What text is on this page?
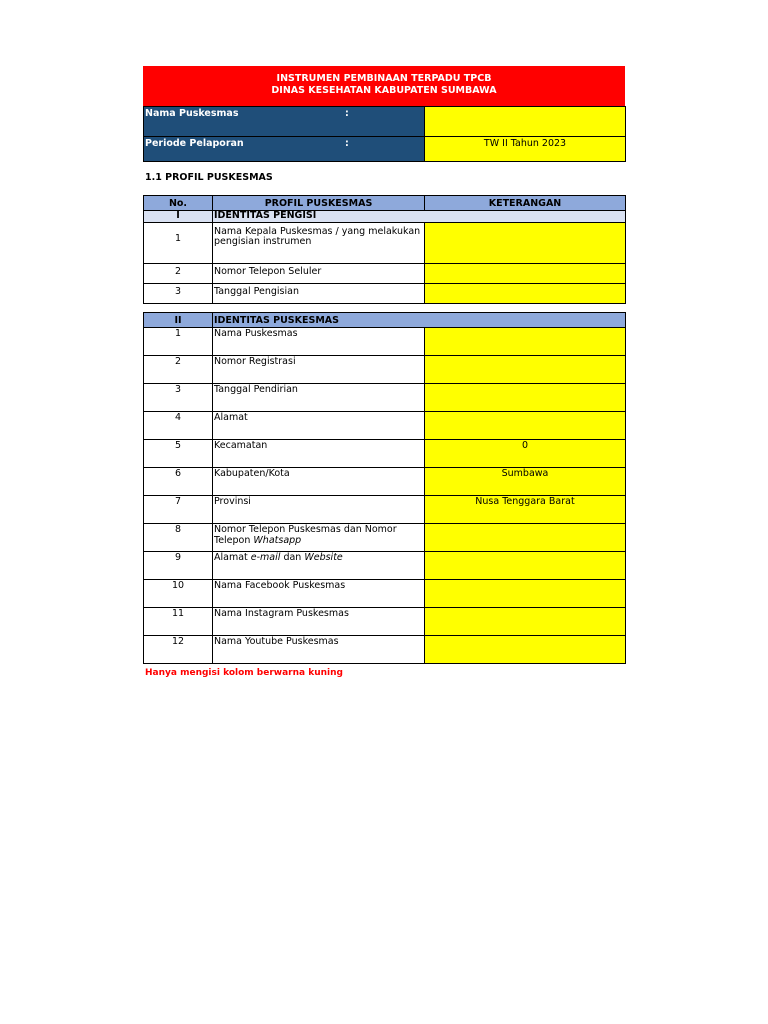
INSTRUMEN PEMBINAAN TERPADU TPCB
DINAS KESEHATAN KABUPATEN SUMBAWA
Nama Puskesmas :	

Periode Pelaporan :	TW II Tahun 2023
1.1 PROFIL PUSKESMAS
No.	PROFIL PUSKESMAS	KETERANGAN
I	IDENTITAS PENGISI	
1	Nama Kepala Puskesmas / yang melakukan pengisian instrumen	
2	Nomor Telepon Seluler	
3	Tanggal Pengisian	
II	IDENTITAS PUSKESMAS	
1	Nama Puskesmas	
2	Nomor Registrasi	
3	Tanggal Pendirian	
4	Alamat	
5	Kecamatan	0
6	Kabupaten/Kota	Sumbawa
7	Provinsi	Nusa Tenggara Barat
8	Nomor Telepon Puskesmas dan Nomor Telepon Whatsapp	
9	Alamat e-mail dan Website	
10	Nama Facebook Puskesmas	
11	Nama Instagram Puskesmas	
12	Nama Youtube Puskesmas	
Hanya mengisi kolom berwarna kuning
